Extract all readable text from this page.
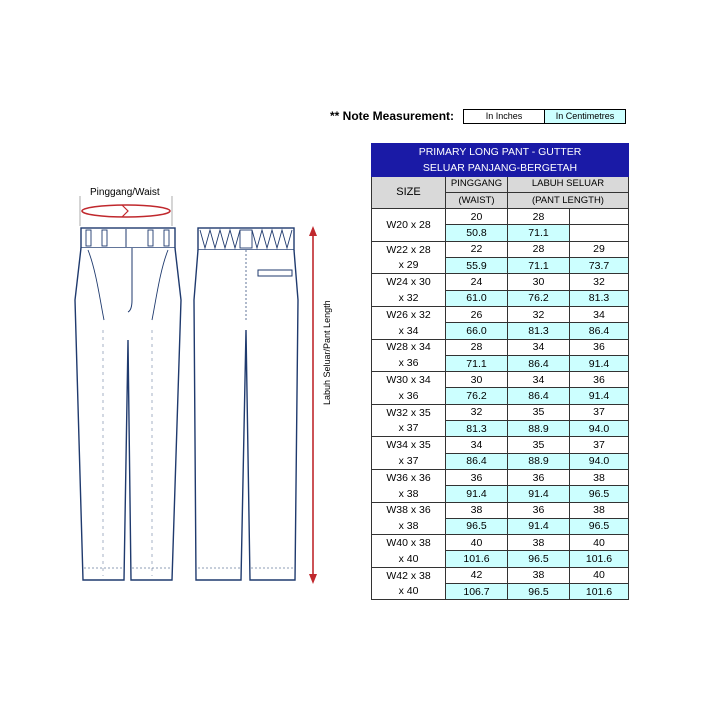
** Note Measurement:	In Inches	In Centimetres
Pinggang/Waist
Labuh Seluar/Pant Length
PRIMARY LONG PANT - GUTTER			
SELUAR PANJANG-BERGETAH			
SIZE	PINGGANG	LABUH SELUAR	

	(WAIST)	(PANT LENGTH)	
W20 x 28	20	28	
	50.8	71.1	
W22 x 28	22	28	29
x 29	55.9	71.1	73.7
W24 x 30	24	30	32
x 32	61.0	76.2	81.3
W26 x 32	26	32	34
x 34	66.0	81.3	86.4
W28 x 34	28	34	36
x 36	71.1	86.4	91.4
W30 x 34	30	34	36
x 36	76.2	86.4	91.4
W32 x 35	32	35	37
x 37	81.3	88.9	94.0
W34 x 35	34	35	37
x 37	86.4	88.9	94.0
W36 x 36	36	36	38
x 38	91.4	91.4	96.5
W38 x 36	38	36	38
x 38	96.5	91.4	96.5
W40 x 38	40	38	40
x 40	101.6	96.5	101.6
W42 x 38	42	38	40
x 40	106.7	96.5	101.6
